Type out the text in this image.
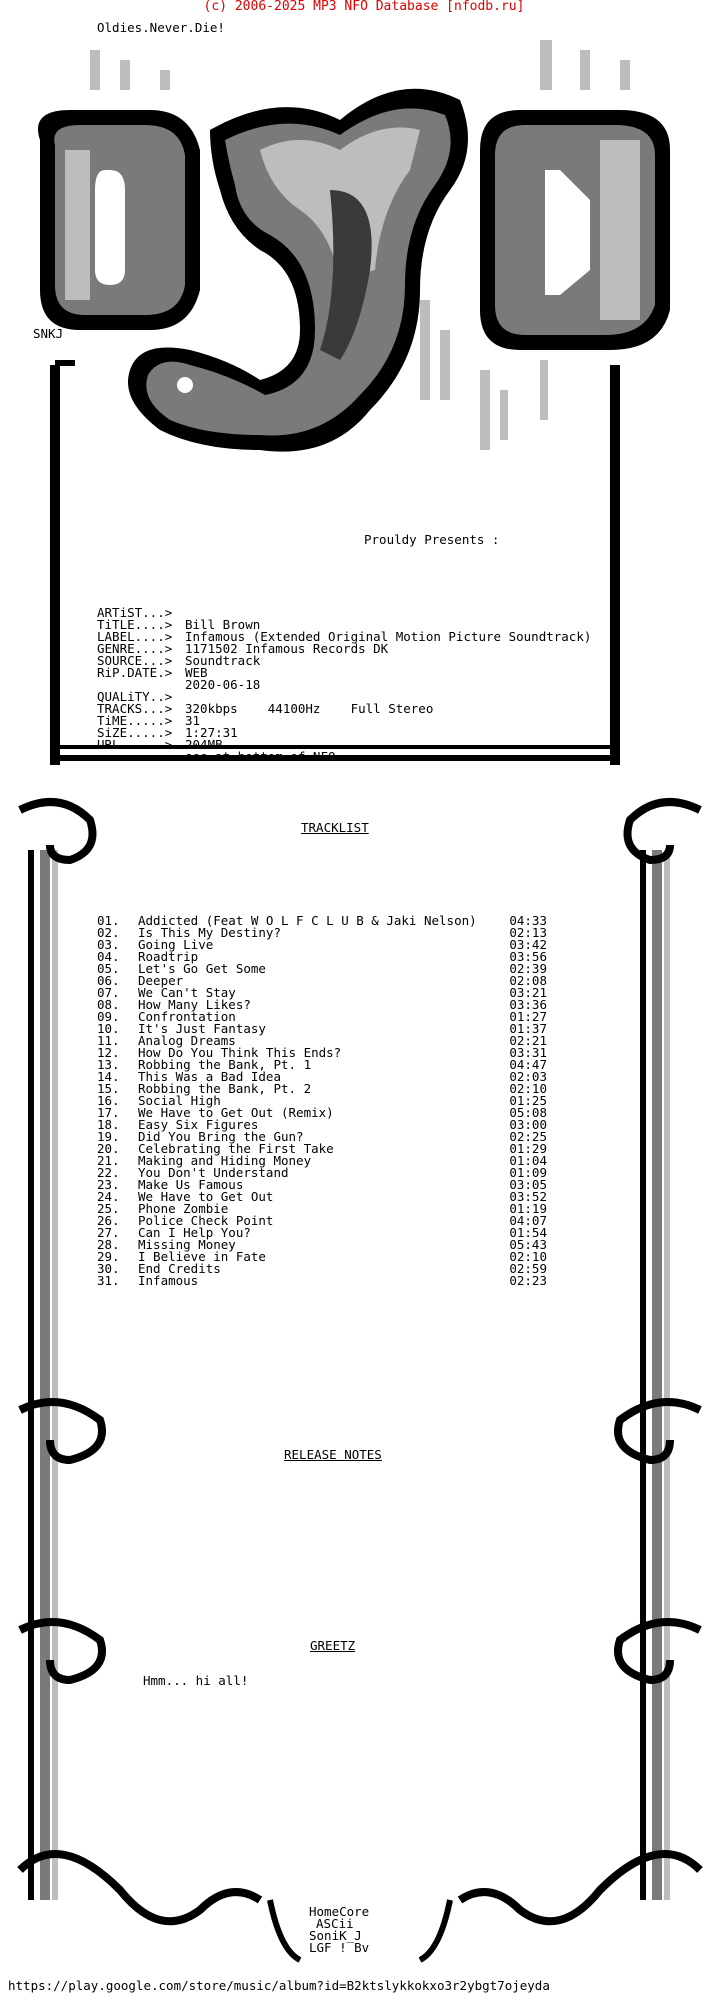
(c) 2006-2025 MP3 NFO Database [nfodb.ru]
Oldies.Never.Die!
SNKJ
Prouldy Presents :

ARTiST...>

Bill Brown

TiTLE....>

Infamous (Extended Original Motion Picture Soundtrack)

LABEL....>

1171502 Infamous Records DK

GENRE....>

Soundtrack

SOURCE...>

WEB

RiP.DATE.>

2020-06-18

QUALiTY..>

320kbps    44100Hz    Full Stereo

TRACKS...>

31

TiME.....>

1:27:31

SiZE.....>

204MB

URL......>

see at bottom of NFO

TRACKLIST
RELEASE NOTES
GREETZ
01. Addicted (Feat W O L F C L U B & Jaki Nelson)	04:33
02. Is This My Destiny?	02:13
03. Going Live	03:42
04. Roadtrip	03:56
05. Let's Go Get Some	02:39
06. Deeper	02:08
07. We Can't Stay	03:21
08. How Many Likes?	03:36
09. Confrontation	01:27
10. It's Just Fantasy	01:37
11. Analog Dreams	02:21
12. How Do You Think This Ends?	03:31
13. Robbing the Bank, Pt. 1	04:47
14. This Was a Bad Idea	02:03
15. Robbing the Bank, Pt. 2	02:10
16. Social High	01:25
17. We Have to Get Out (Remix)	05:08
18. Easy Six Figures	03:00
19. Did You Bring the Gun?	02:25
20. Celebrating the First Take	01:29
21. Making and Hiding Money	01:04
22. You Don't Understand	01:09
23. Make Us Famous	03:05
24. We Have to Get Out	03:52
25. Phone Zombie	01:19
26. Police Check Point	04:07
27. Can I Help You?	01:54
28. Missing Money	05:43
29. I Believe in Fate	02:10
30. End Credits	02:59
31. Infamous	02:23
Hmm... hi all!
HomeCore
ASCii
SoniK_J
LGF ! Bv
https://play.google.com/store/music/album?id=B2ktslykkokxo3r2ybgt7ojeyda
